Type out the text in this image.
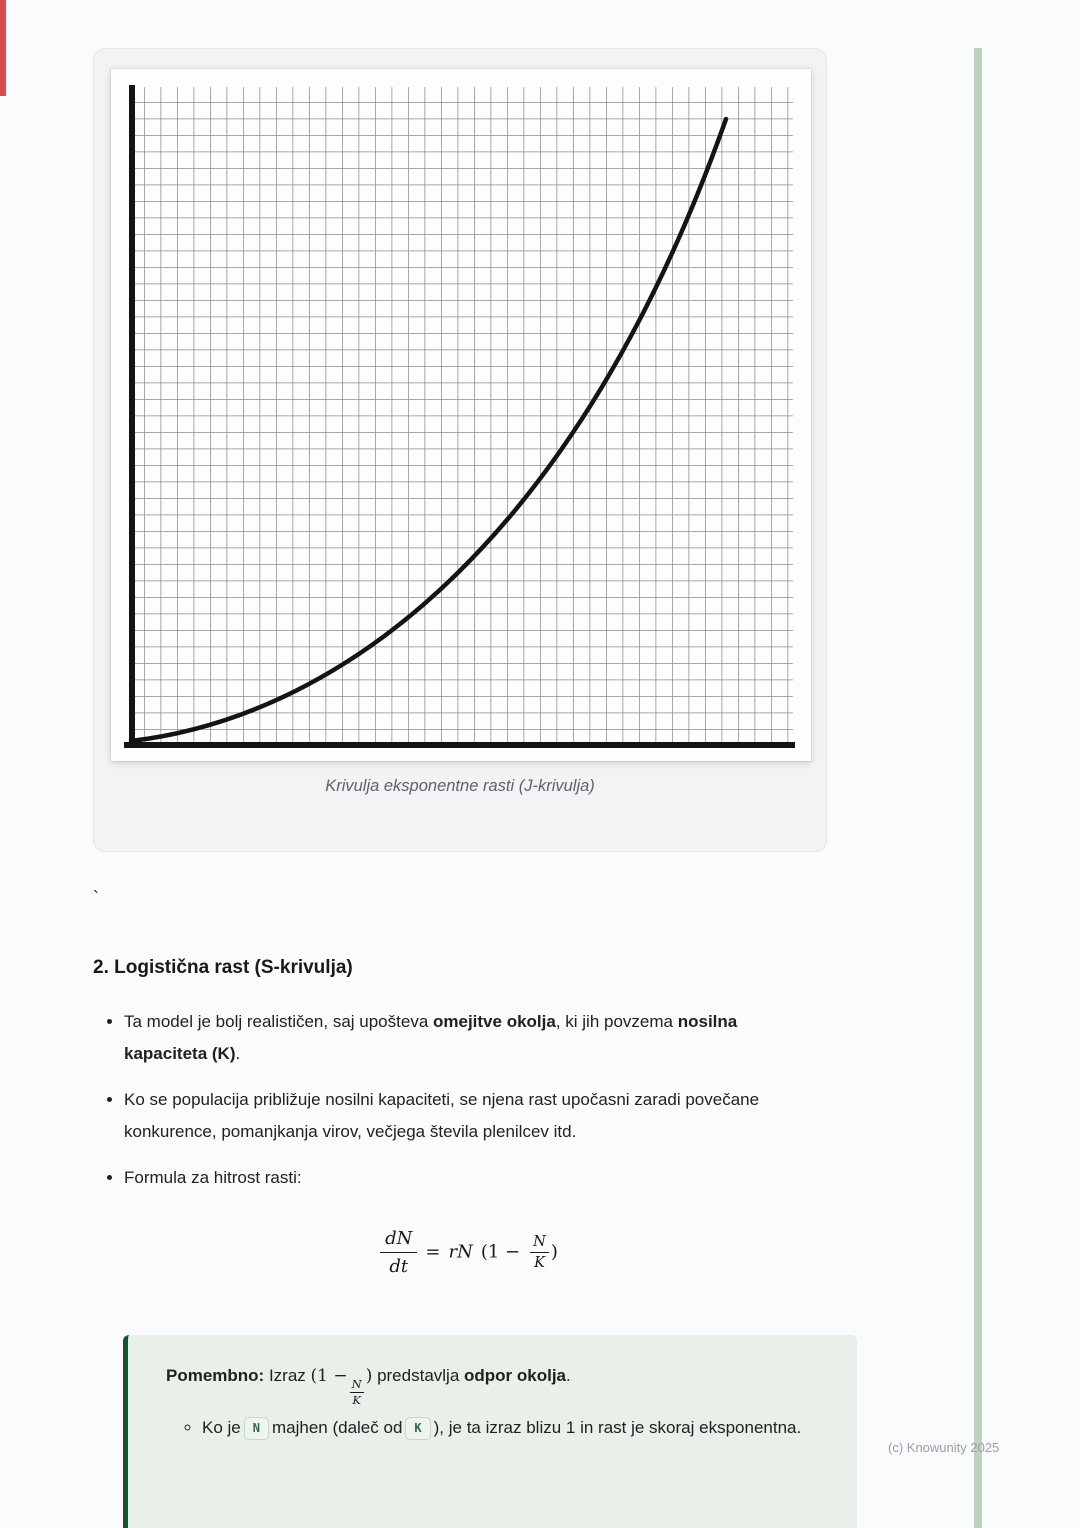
(c) Knowunity 2025
Krivulja eksponentne rasti (J-krivulja)
`
2. Logistična rast (S-krivulja)
• Ta model je bolj realističen, saj upošteva omejitve okolja, ki jih povzema nosilna kapaciteta (K).
• Ko se populacija približuje nosilni kapaciteti, se njena rast upočasni zaradi povečane konkurence, pomanjkanja virov, večjega števila plenilcev itd.
• Formula za hitrost rasti:
$\frac{dN}{dt}$ = rN ($1 - \frac{N}{K}$ )
Pomembno: Izraz (1 −
$\frac{N}{K}$
) predstavlja odpor okolja.
◦ Ko je N majhen (daleč od K ), je ta izraz blizu 1 in rast je skoraj eksponentna.
